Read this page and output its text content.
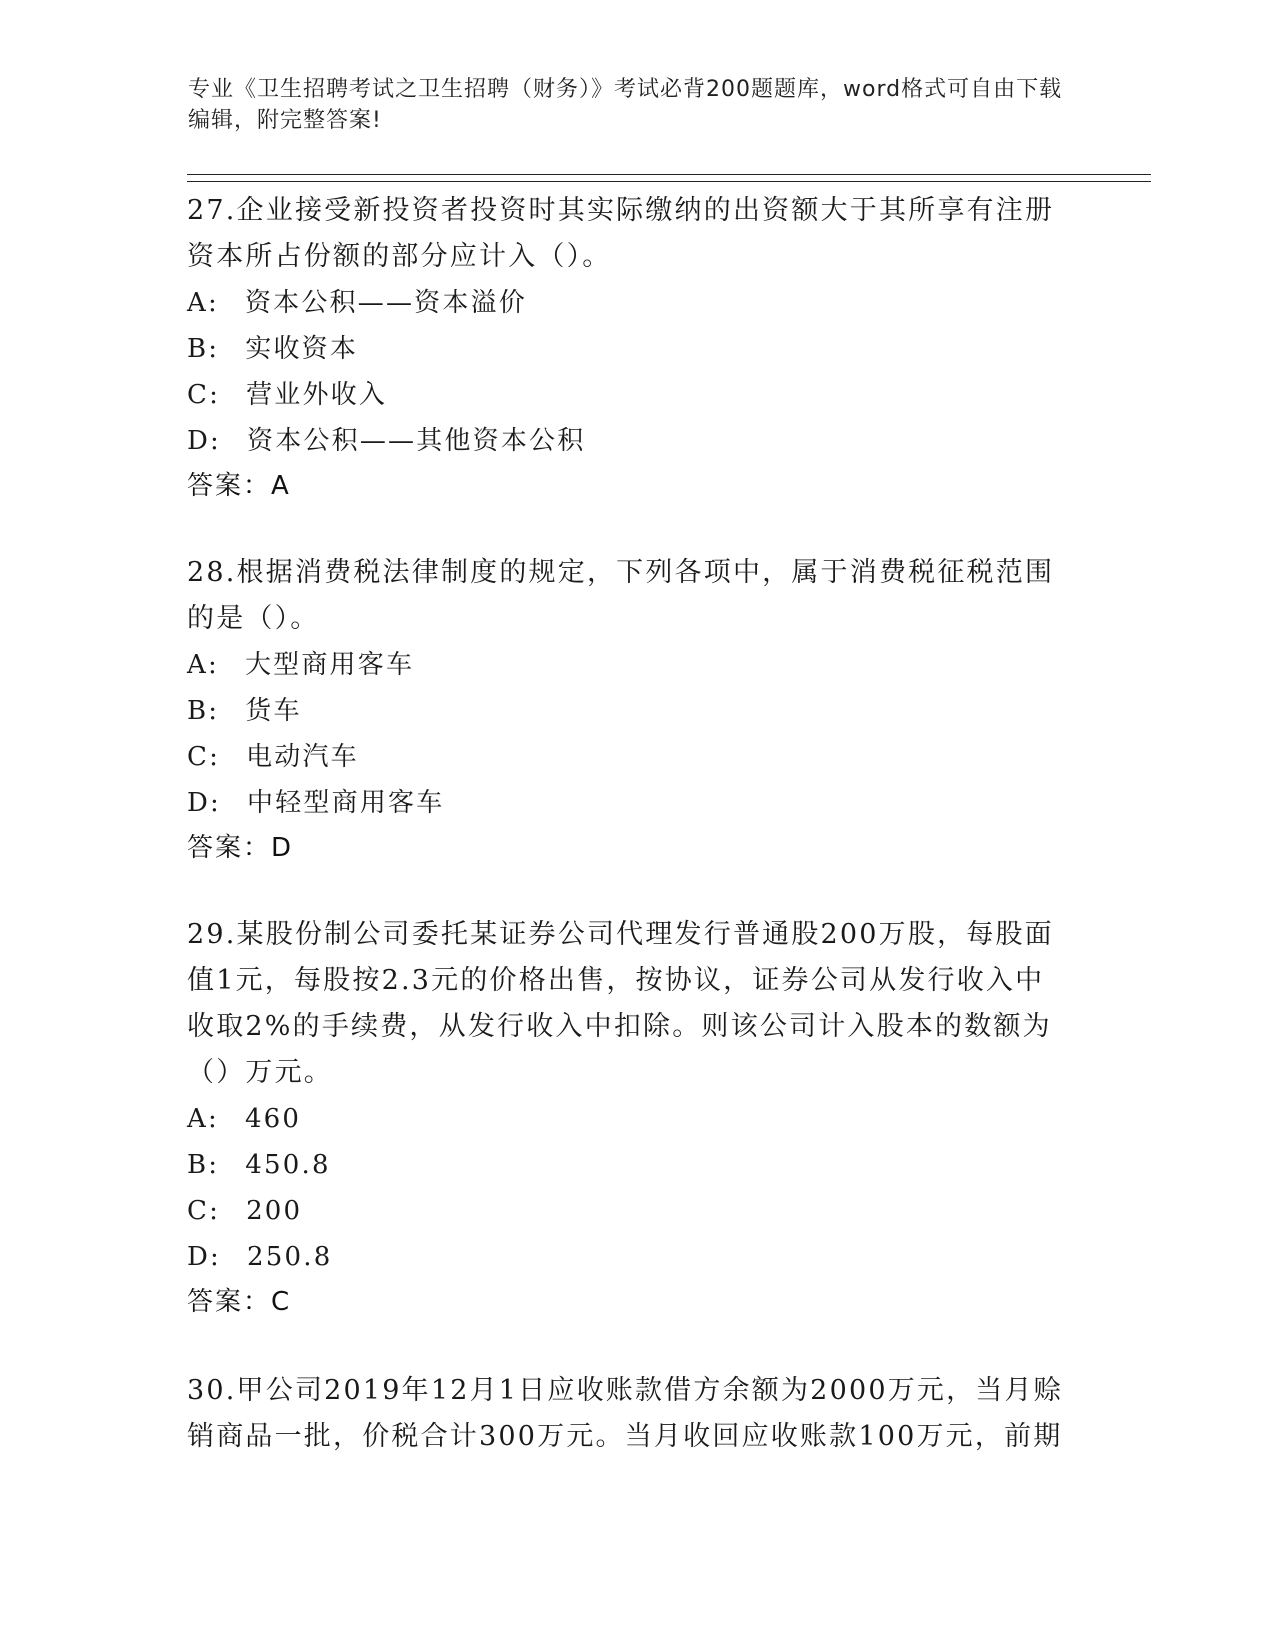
专业《卫生招聘考试之卫生招聘（财务）》考试必背200题题库，word格式可自由下载编辑，附完整答案!

27.企业接受新投资者投资时其实际缴纳的出资额大于其所享有注册资本所占份额的部分应计入（）。

A: 资本公积——资本溢价
B: 实收资本
C: 营业外收入
D: 资本公积——其他资本公积
答案：A

28.根据消费税法律制度的规定，下列各项中，属于消费税征税范围的是（）。

A: 大型商用客车
B: 货车
C: 电动汽车
D: 中轻型商用客车
答案：D

29.某股份制公司委托某证券公司代理发行普通股200万股，每股面值1元，每股按2.3元的价格出售，按协议，证券公司从发行收入中收取2%的手续费，从发行收入中扣除。则该公司计入股本的数额为（）万元。

A: 460
B: 450.8
C: 200
D: 250.8
答案：C

30.甲公司2019年12月1日应收账款借方余额为2000万元，当月赊销商品一批，价税合计300万元。当月收回应收账款100万元，前期
